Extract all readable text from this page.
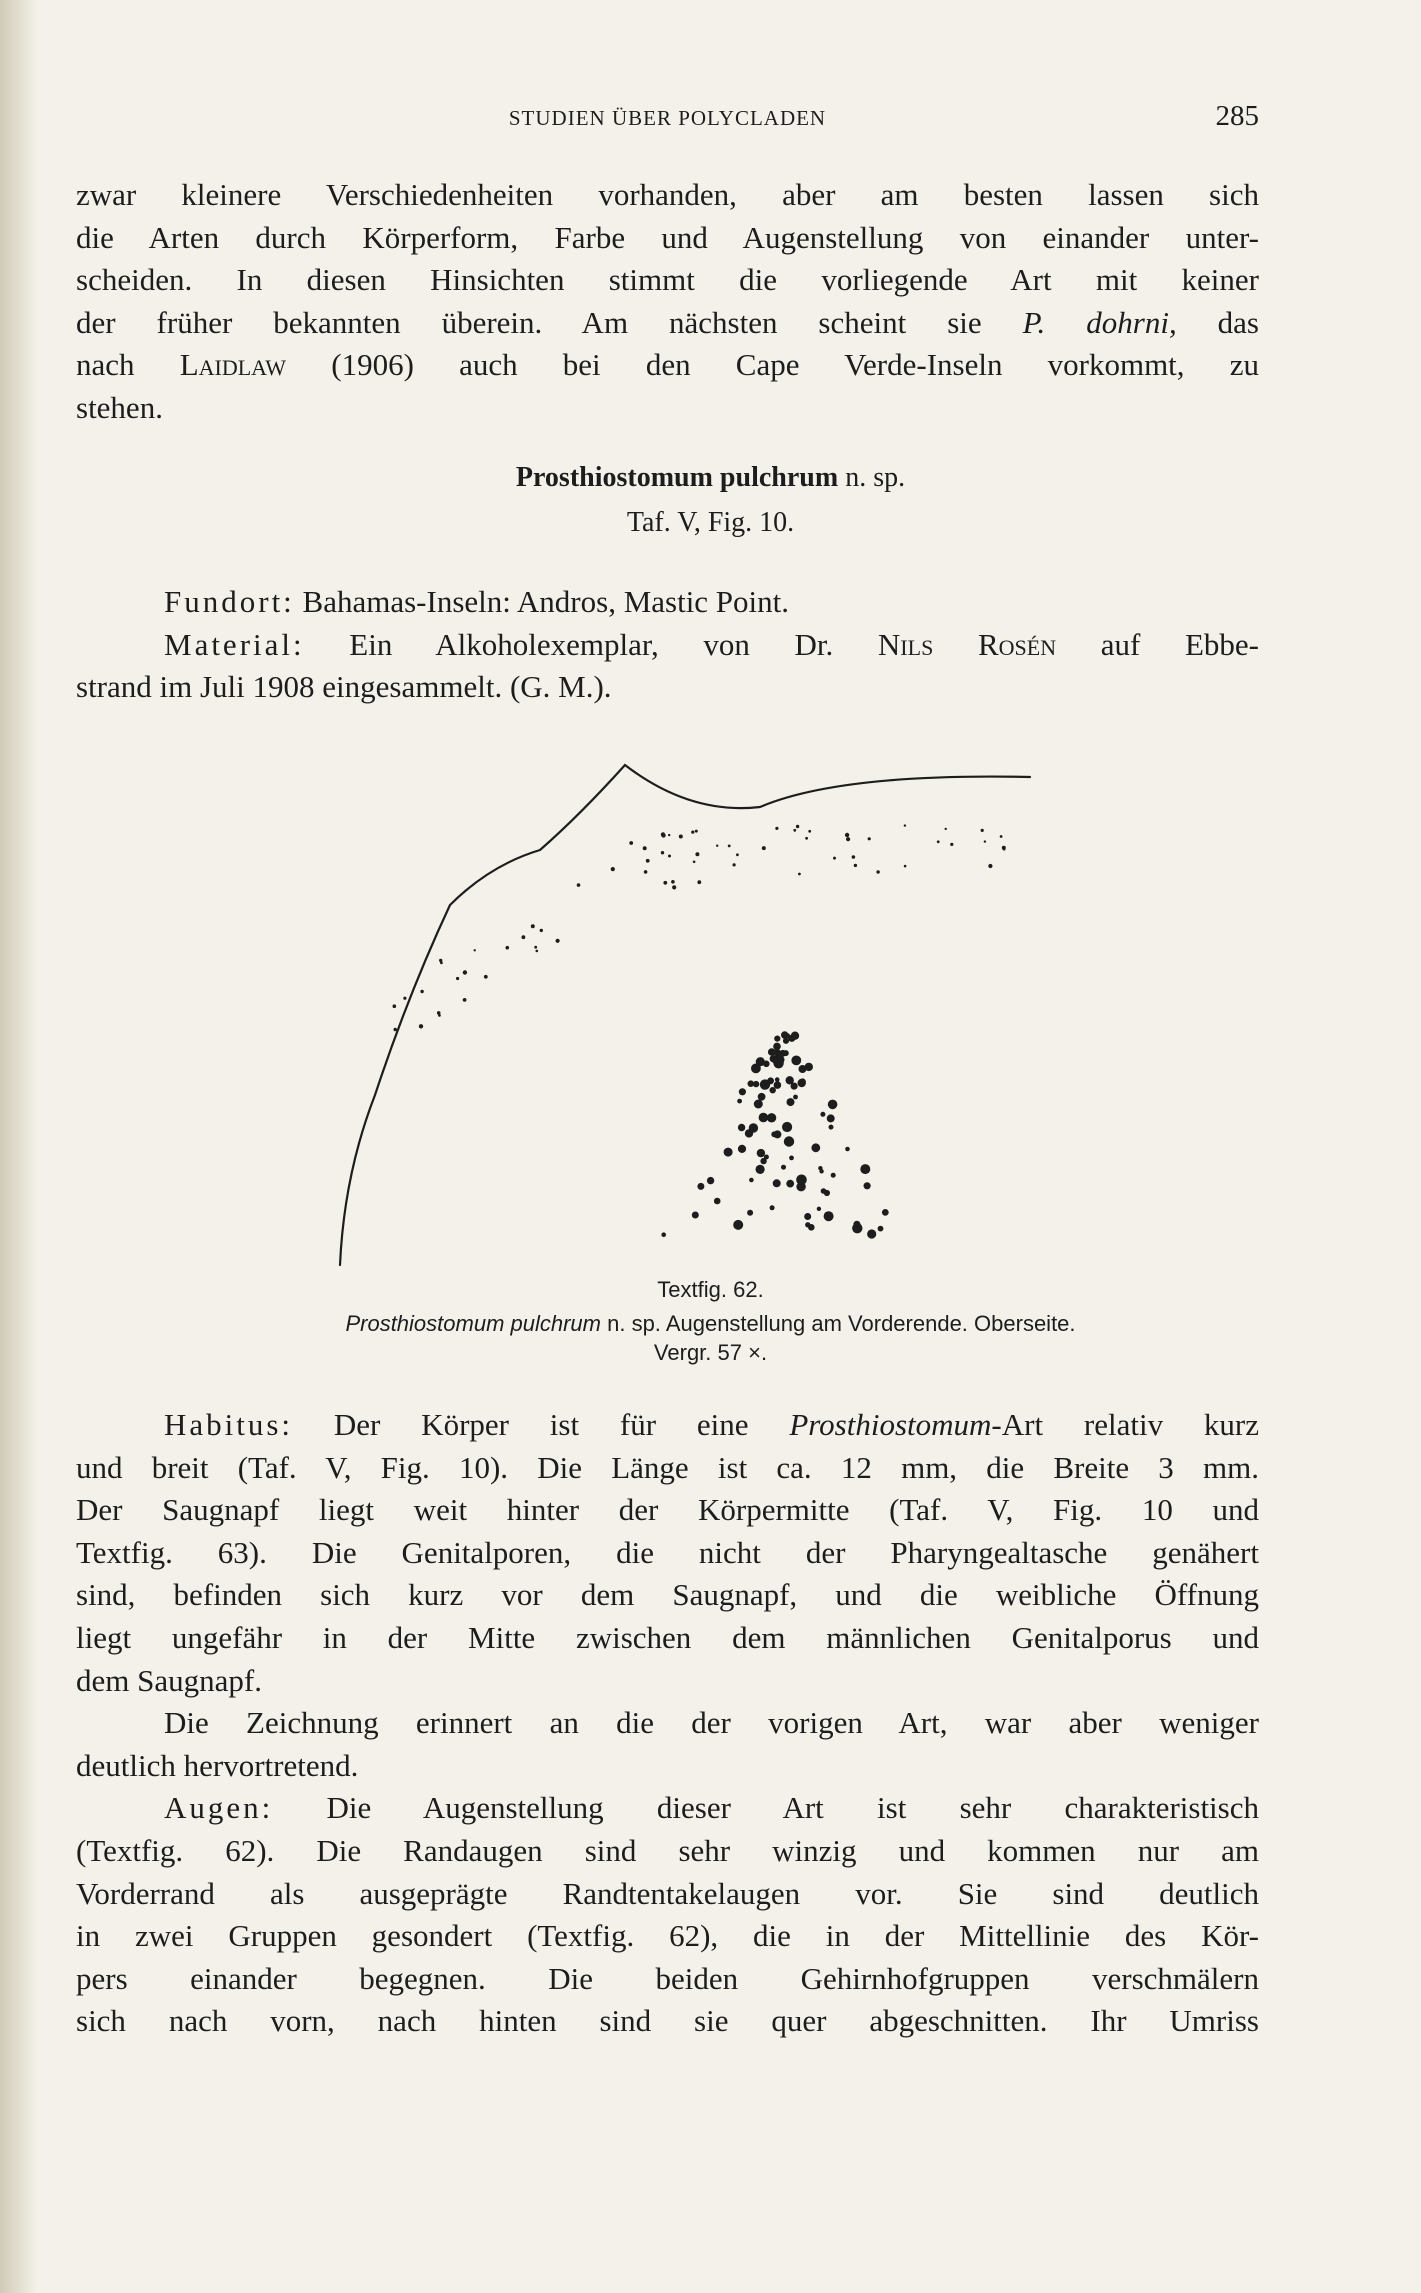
STUDIEN ÜBER POLYCLADEN	285

zwar kleinere Verschiedenheiten vorhanden, aber am besten lassen sich

die Arten durch Körperform, Farbe und Augenstellung von einander unter-

scheiden. In diesen Hinsichten stimmt die vorliegende Art mit keiner

der früher bekannten überein. Am nächsten scheint sie P. dohrni, das

nach Laidlaw (1906) auch bei den Cape Verde-Inseln vorkommt, zu

stehen.

Prosthiostomum pulchrum n. sp.
Taf. V, Fig. 10.

Fundort: Bahamas-Inseln: Andros, Mastic Point.

Material: Ein Alkoholexemplar, von Dr. Nils Rosén auf Ebbe-

strand im Juli 1908 eingesammelt. (G. M.).

Textfig. 62.
Prosthiostomum pulchrum n. sp. Augenstellung am Vorderende. Oberseite.
Vergr. 57 ×.

Habitus: Der Körper ist für eine Prosthiostomum-Art relativ kurz

und breit (Taf. V, Fig. 10). Die Länge ist ca. 12 mm, die Breite 3 mm.

Der Saugnapf liegt weit hinter der Körpermitte (Taf. V, Fig. 10 und

Textfig. 63). Die Genitalporen, die nicht der Pharyngealtasche genähert

sind, befinden sich kurz vor dem Saugnapf, und die weibliche Öffnung

liegt ungefähr in der Mitte zwischen dem männlichen Genitalporus und

dem Saugnapf.

Die Zeichnung erinnert an die der vorigen Art, war aber weniger

deutlich hervortretend.

Augen: Die Augenstellung dieser Art ist sehr charakteristisch

(Textfig. 62). Die Randaugen sind sehr winzig und kommen nur am

Vorderrand als ausgeprägte Randtentakelaugen vor. Sie sind deutlich

in zwei Gruppen gesondert (Textfig. 62), die in der Mittellinie des Kör-

pers einander begegnen. Die beiden Gehirnhofgruppen verschmälern

sich nach vorn, nach hinten sind sie quer abgeschnitten. Ihr Umriss
